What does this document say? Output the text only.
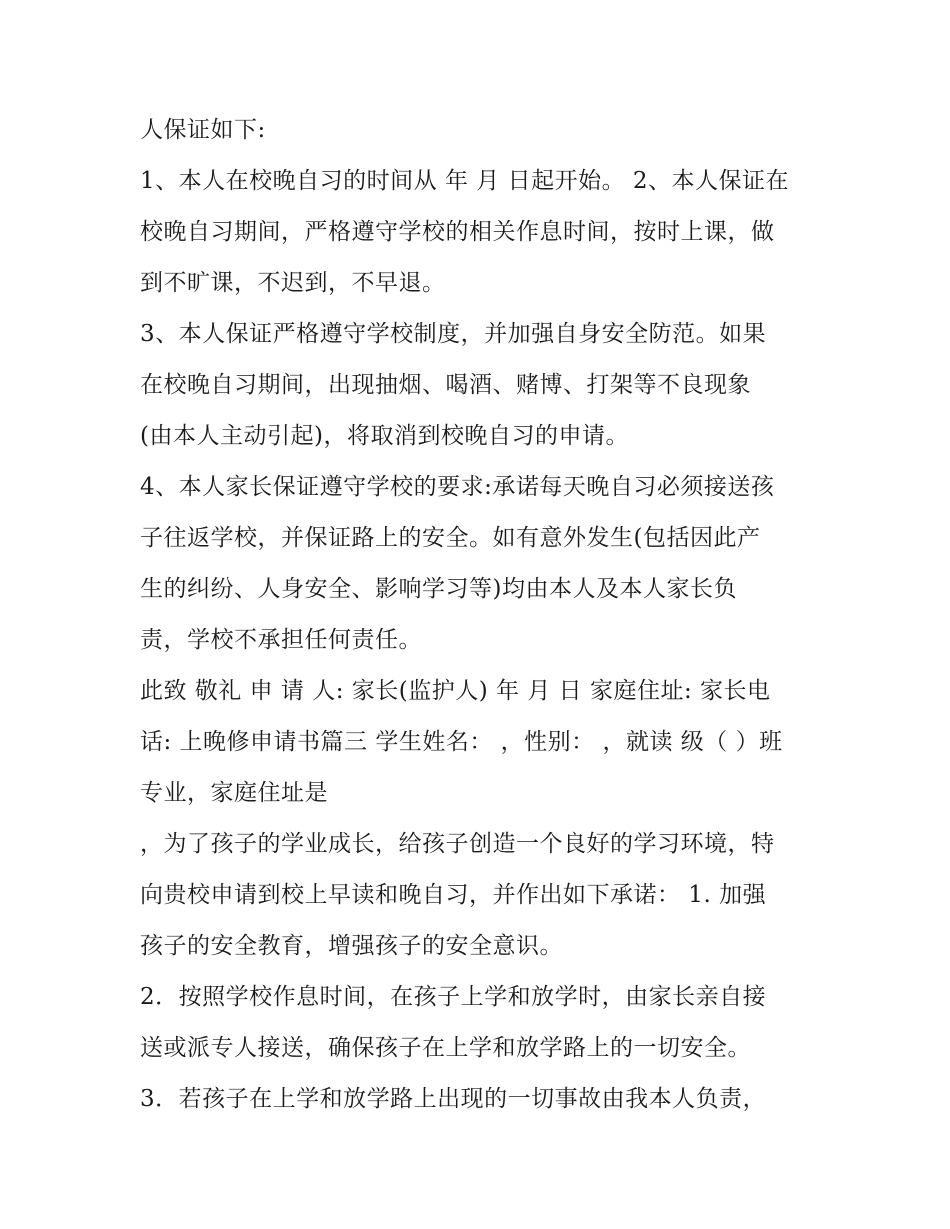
人保证如下:

1、本人在校晚自习的时间从 年 月 日起开始。 2、本人保证在

校晚自习期间，严格遵守学校的相关作息时间，按时上课，做

到不旷课，不迟到，不早退。

3、本人保证严格遵守学校制度，并加强自身安全防范。如果

在校晚自习期间，出现抽烟、喝酒、赌博、打架等不良现象

(由本人主动引起)，将取消到校晚自习的申请。

4、本人家长保证遵守学校的要求:承诺每天晚自习必须接送孩

子往返学校，并保证路上的安全。如有意外发生(包括因此产

生的纠纷、人身安全、影响学习等)均由本人及本人家长负

责，学校不承担任何责任。

此致 敬礼 申 请 人: 家长(监护人) 年 月 日 家庭住址: 家长电

话: 上晚修申请书篇三 学生姓名： ，性别： ，就读 级（ ）班

专业，家庭住址是

，为了孩子的学业成长，给孩子创造一个良好的学习环境，特

向贵校申请到校上早读和晚自习，并作出如下承诺： 1. 加强

孩子的安全教育，增强孩子的安全意识。

2．按照学校作息时间，在孩子上学和放学时，由家长亲自接

送或派专人接送，确保孩子在上学和放学路上的一切安全。

3．若孩子在上学和放学路上出现的一切事故由我本人负责，
